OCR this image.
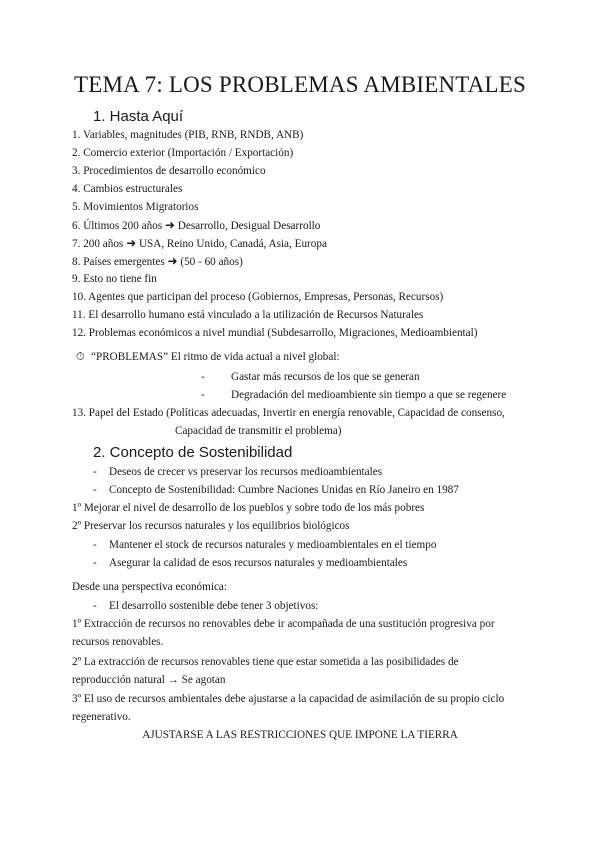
TEMA 7: LOS PROBLEMAS AMBIENTALES
1. Hasta Aquí
1. Variables, magnitudes (PIB, RNB, RNDB, ANB)
2. Comercio exterior (Importación / Exportación)
3. Procedimientos de desarrollo económico
4. Cambios estructurales
5. Movimientos Migratorios
6. Últimos 200 años ➜ Desarrollo, Desigual Desarrollo
7. 200 años ➜ USA, Reino Unido, Canadá, Asia, Europa
8. Países emergentes ➜ (50 - 60 años)
9. Esto no tiene fin
10. Agentes que participan del proceso (Gobiernos, Empresas, Personas, Recursos)
11. El desarrollo humano está vinculado a la utilización de Recursos Naturales
12. Problemas económicos a nivel mundial (Subdesarrollo, Migraciones, Medioambiental)
⏱ “PROBLEMAS” El ritmo de vida actual a nivel global:
- Gastar más recursos de los que se generan
- Degradación del medioambiente sin tiempo a que se regenere
13. Papel del Estado (Políticas adecuadas, Invertir en energía renovable, Capacidad de consenso,
Capacidad de transmitir el problema)
2. Concepto de Sostenibilidad
- Deseos de crecer vs preservar los recursos medioambientales
- Concepto de Sostenibilidad: Cumbre Naciones Unidas en Río Janeiro en 1987
1º Mejorar el nivel de desarrollo de los pueblos y sobre todo de los más pobres
2º Preservar los recursos naturales y los equilibrios biológicos
- Mantener el stock de recursos naturales y medioambientales en el tiempo
- Asegurar la calidad de esos recursos naturales y medioambientales
Desde una perspectiva económica:
- El desarrollo sostenible debe tener 3 objetivos:
1º Extracción de recursos no renovables debe ir acompañada de una sustitución progresiva por
recursos renovables.
2º La extracción de recursos renovables tiene que estar sometida a las posibilidades de
reproducción natural → Se agotan
3º El uso de recursos ambientales debe ajustarse a la capacidad de asimilación de su propio ciclo
regenerativo.
AJUSTARSE A LAS RESTRICCIONES QUE IMPONE LA TIERRA
